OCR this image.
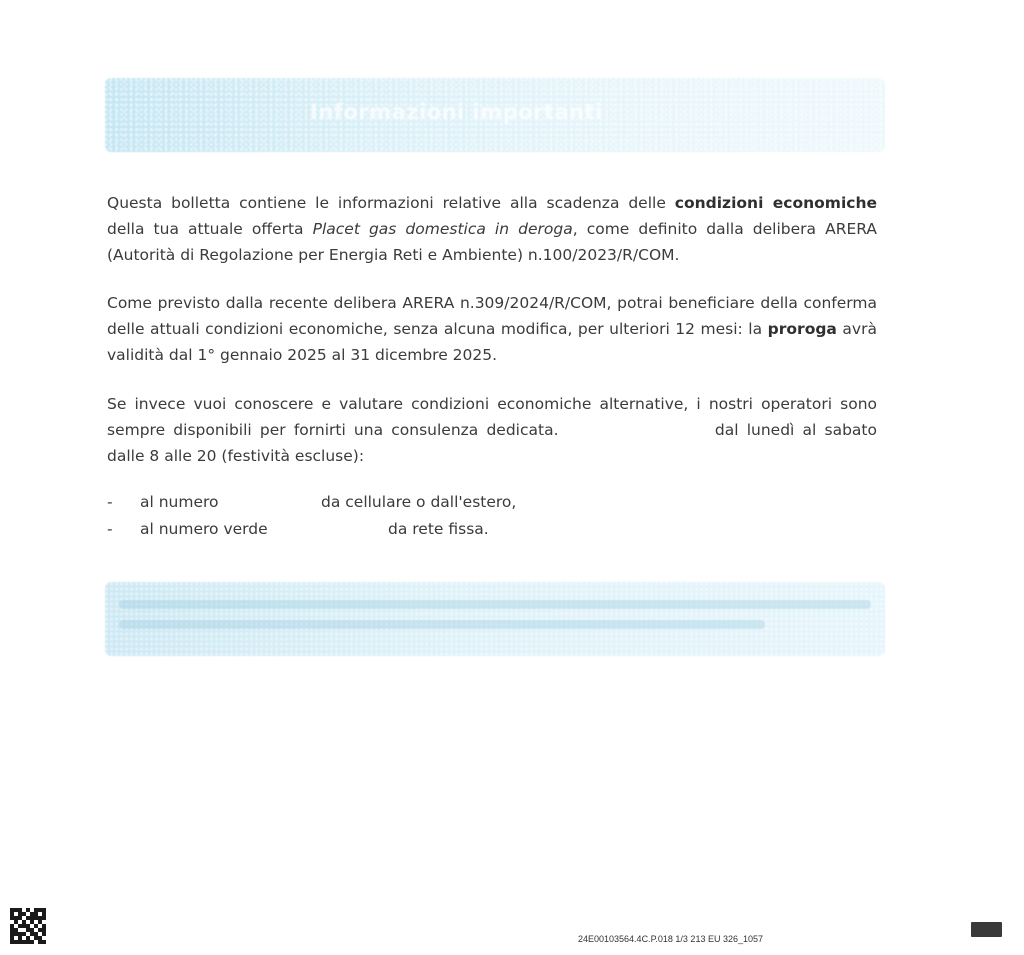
Informazioni importanti
Questa bolletta contiene le informazioni relative alla scadenza delle condizioni economiche della tua attuale offerta Placet gas domestica in deroga, come definito dalla delibera ARERA (Autorità di Regolazione per Energia Reti e Ambiente) n.100/2023/R/COM.
Come previsto dalla recente delibera ARERA n.309/2024/R/COM, potrai beneficiare della conferma delle attuali condizioni economiche, senza alcuna modifica, per ulteriori 12 mesi: la proroga avrà validità dal 1° gennaio 2025 al 31 dicembre 2025.
Se invece vuoi conoscere e valutare condizioni economiche alternative, i nostri operatori sono sempre disponibili per fornirti una consulenza dedicata.	dal lunedì al sabato dalle 8 alle 20 (festività escluse):
- al numero	da cellulare o dall'estero,
- al numero verde	da rete fissa.
24E00103564.4C.P.018 1/3 213 EU 326_1057
